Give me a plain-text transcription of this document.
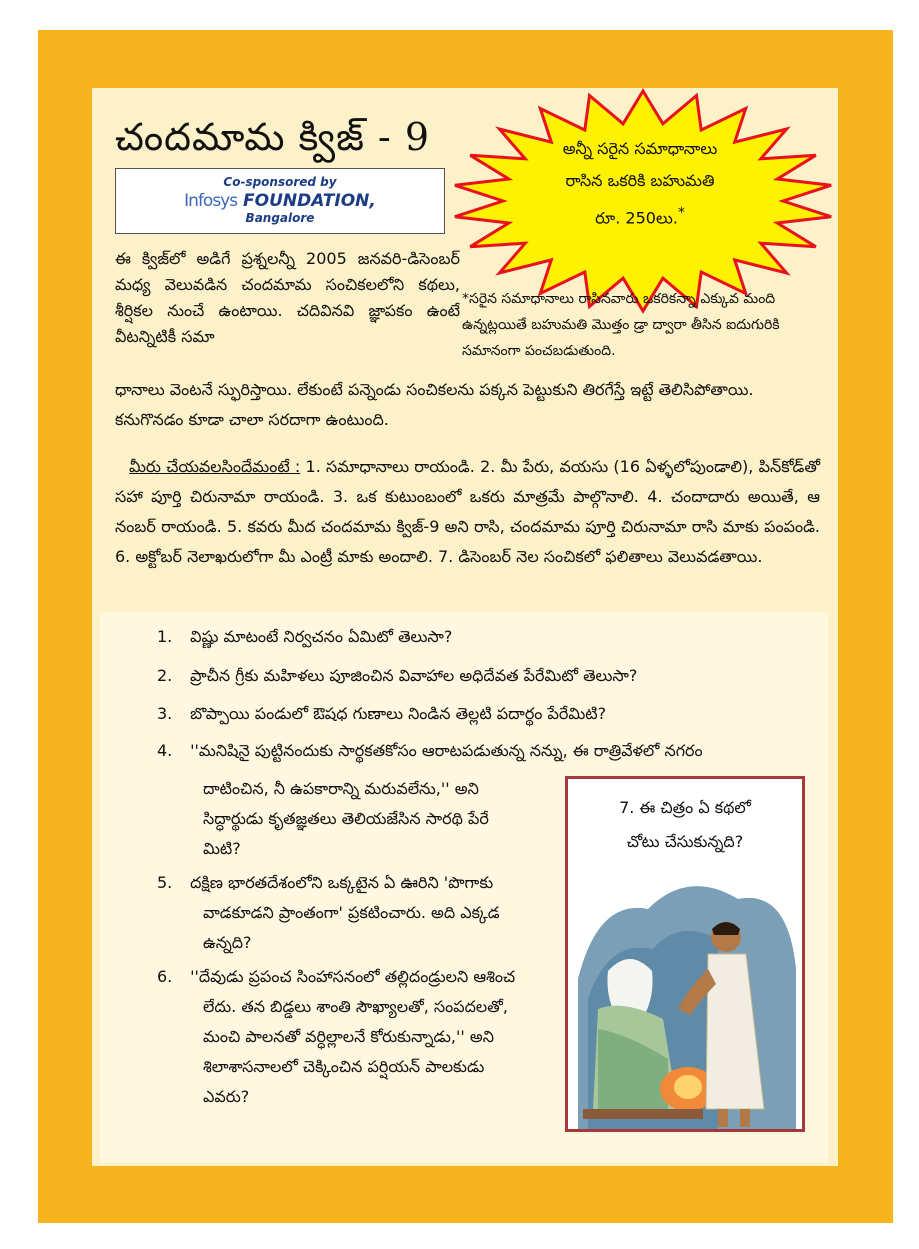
చందమామ క్విజ్ - 9
Co-sponsored by
Infosys FOUNDATION,
Bangalore
అన్నీ సరైన సమాధానాలు
రాసిన ఒకరికి బహుమతి
రూ. 250లు.*
ఈ క్విజ్‌లో అడిగే ప్రశ్నలన్నీ 2005 జనవరి-డిసెంబర్ మధ్య వెలువడిన చందమామ సంచికలలోని కథలు, శీర్షికల నుంచే ఉంటాయి. చదివినవి జ్ఞాపకం ఉంటే వీటన్నిటికీ సమా
*సరైన సమాధానాలు రాసినవారు ఒకరికన్నా ఎక్కువ మంది ఉన్నట్లయితే బహుమతి మొత్తం డ్రా ద్వారా తీసిన ఐదుగురికి సమానంగా పంచబడుతుంది.
ధానాలు వెంటనే స్ఫురిస్తాయి. లేకుంటే పన్నెండు సంచికలను పక్కన పెట్టుకుని తిరగేస్తే ఇట్టే తెలిసిపోతాయి. కనుగొనడం కూడా చాలా సరదాగా ఉంటుంది.
మీరు చేయవలసిందేమంటే : 1. సమాధానాలు రాయండి. 2. మీ పేరు, వయసు (16 ఏళ్ళలోపుండాలి), పిన్‌కోడ్‌తో సహా పూర్తి చిరునామా రాయండి. 3. ఒక కుటుంబంలో ఒకరు మాత్రమే పాల్గొనాలి. 4. చందాదారు అయితే, ఆ నంబర్ రాయండి. 5. కవరు మీద చందమామ క్విజ్-9 అని రాసి, చందమామ పూర్తి చిరునామా రాసి మాకు పంపండి. 6. అక్టోబర్ నెలాఖరులోగా మీ ఎంట్రీ మాకు అందాలి. 7. డిసెంబర్ నెల సంచికలో ఫలితాలు వెలువడతాయి.
1. విష్ణు మాటంటే నిర్వచనం ఏమిటో తెలుసా?
2. ప్రాచీన గ్రీకు మహిళలు పూజించిన వివాహాల అధిదేవత పేరేమిటో తెలుసా?
3. బొప్పాయి పండులో ఔషధ గుణాలు నిండిన తెల్లటి పదార్థం పేరేమిటి?
4. ''మనిషినై పుట్టినందుకు సార్థకతకోసం ఆరాటపడుతున్న నన్ను, ఈ రాత్రివేళలో నగరం
దాటించిన, నీ ఉపకారాన్ని మరువలేను,'' అని
సిద్ధార్థుడు కృతజ్ఞతలు తెలియజేసిన సారథి పేరే
మిటి?
5. దక్షిణ భారతదేశంలోని ఒక్కటైన ఏ ఊరిని 'పొగాకు
వాడకూడని ప్రాంతంగా' ప్రకటించారు. అది ఎక్కడ
ఉన్నది?
6. ''దేవుడు ప్రపంచ సింహాసనంలో తల్లిదండ్రులని ఆశించ
లేదు. తన బిడ్డలు శాంతి సౌఖ్యాలతో, సంపదలతో,
మంచి పాలనతో వర్ధిల్లాలనే కోరుకున్నాడు,'' అని
శిలాశాసనాలలో చెక్కించిన పర్షియన్ పాలకుడు
ఎవరు?
7. ఈ చిత్రం ఏ కథలో
చోటు చేసుకున్నది?
